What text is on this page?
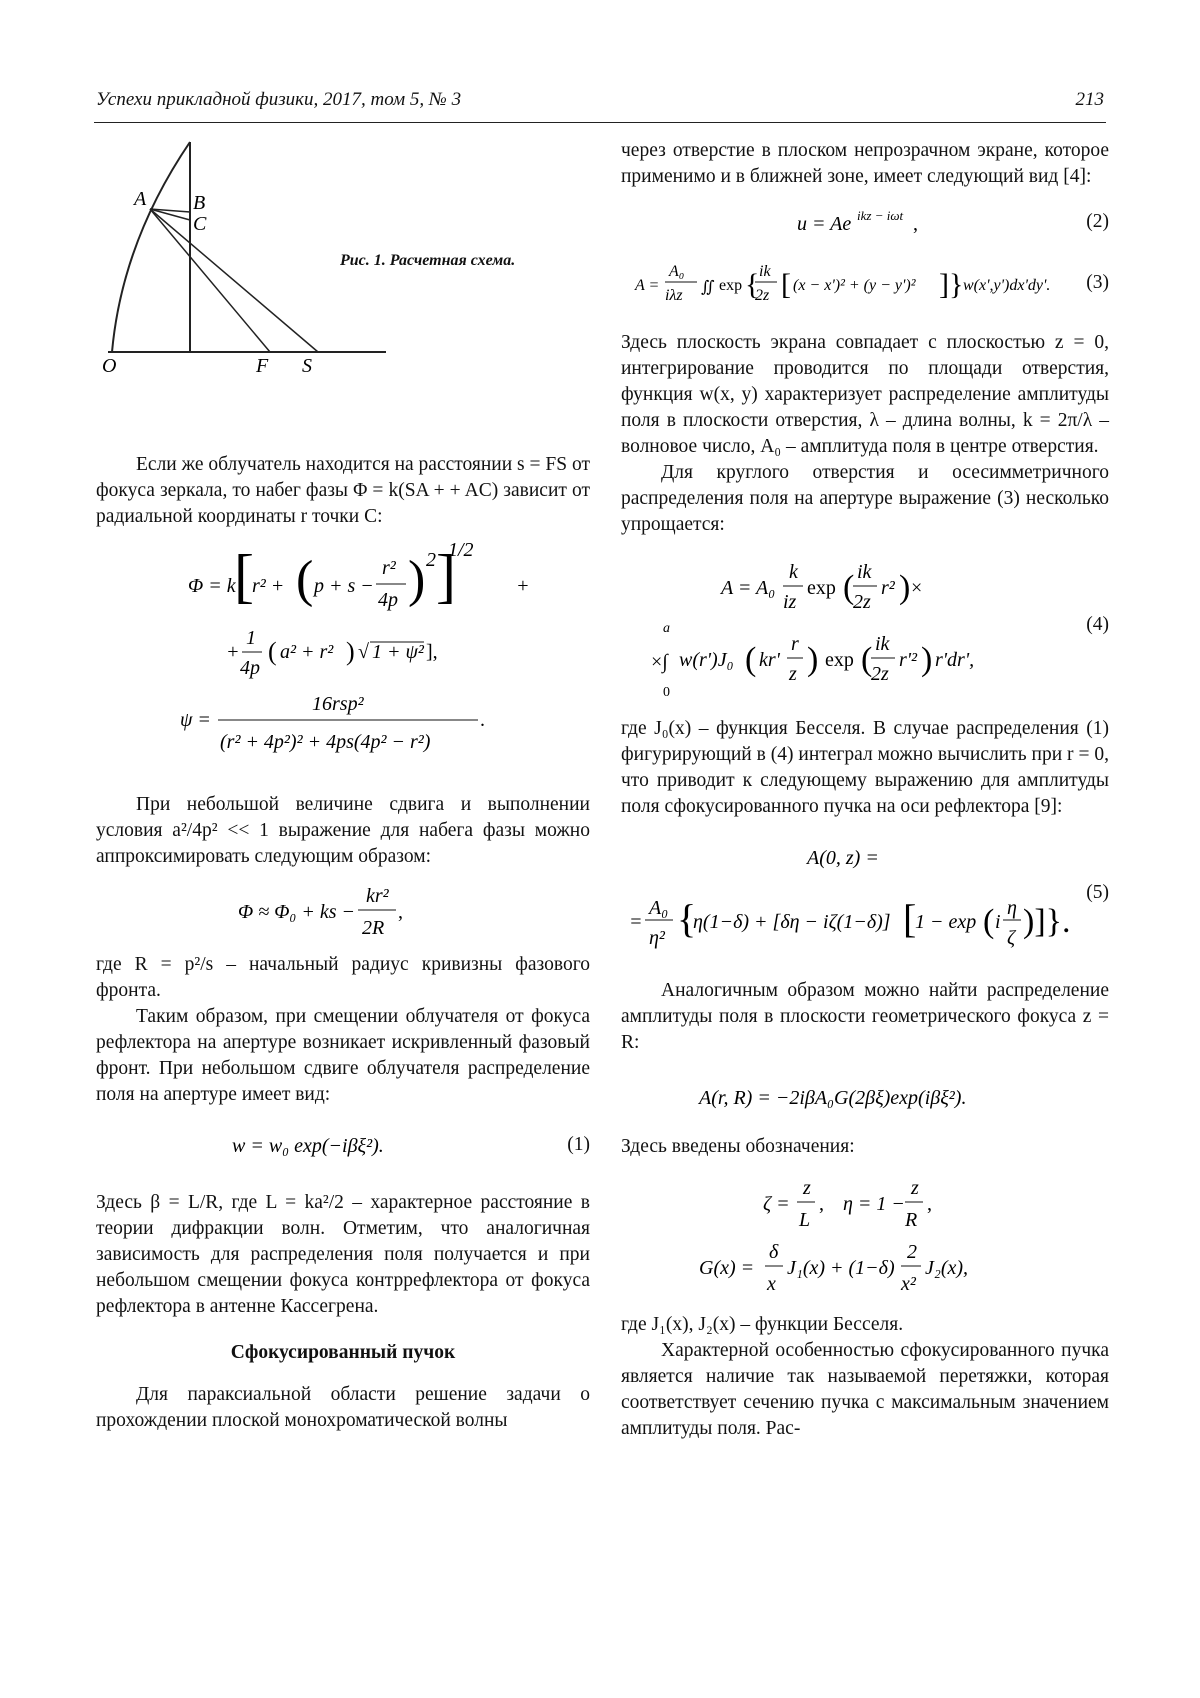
Успехи прикладной физики, 2017, том 5, № 3	213
A B
C
O	F S
Рис. 1. Расчетная схема.

Если же облучатель находится на расстоянии s = FS от фокуса зеркала, то набег фазы Φ = k(SA + + AC) зависит от радиальной координаты r точки C:

Φ = k
[
r² + ( p + s −
r²
4p ) 2 ]
1/2
+
+
1
4p
( a² + r² ) √ 1 + ψ² ],
ψ =
16rsp²
(r² + 4p²)² + 4ps(4p² − r²)
.

При небольшой величине сдвига и выполнении условия a²/4p² << 1 выражение для набега фазы можно аппроксимировать следующим образом:

Φ ≈ Φ₀ + ks −
kr²
2R
,

где R = p²/s – начальный радиус кривизны фазового фронта.

Таким образом, при смещении облучателя от фокуса рефлектора на апертуре возникает искривленный фазовый фронт. При небольшом сдвиге облучателя распределение поля на апертуре имеет вид:

w = w₀ exp(−iβξ²).	(1)

Здесь β = L/R, где L = ka²/2 – характерное расстояние в теории дифракции волн. Отметим, что аналогичная зависимость для распределения поля получается и при небольшом смещении фокуса контррефлектора от фокуса рефлектора в антенне Кассегрена.

Сфокусированный пучок

Для параксиальной области решение задачи о прохождении плоской монохроматической волны

через отверстие в плоском непрозрачном экране, которое применимо и в ближней зоне, имеет следующий вид [4]:

u = Ae ikz − iωt ,	(2)
A =
A₀
iλz ∬ exp { ik
2z [ (x − x')² + (y − y')² ]} w(x',y')dx'dy'. (3)

Здесь плоскость экрана совпадает с плоскостью z = 0, интегрирование проводится по площади отверстия, функция w(x, y) характеризует распределение амплитуды поля в плоскости отверстия, λ – длина волны, k = 2π/λ – волновое число, A₀ – амплитуда поля в центре отверстия.

Для круглого отверстия и осесимметричного распределения поля на апертуре выражение (3) несколько упрощается:

A = A₀
k
iz
exp ( ik
2z
r² ) ×
a
×∫
0
w(r')J₀ ( kr'
r
z ) exp ( ik
2z
r'² ) r'dr',
(4)

где J₀(x) – функция Бесселя. В случае распределения (1) фигурирующий в (4) интеграл можно вычислить при r = 0, что приводит к следующему выражению для амплитуды поля сфокусированного пучка на оси рефлектора [9]:

A(0, z) =
=
A₀
η² {
η(1−δ) + [δη − iζ(1−δ)] [
1 − exp ( i
η
ζ )]}.
(5)

Аналогичным образом можно найти распределение амплитуды поля в плоскости геометрического фокуса z = R:

A(r, R) = −2iβA₀G(2βξ)exp(iβξ²).

Здесь введены обозначения:

ζ =
z
L
, η = 1 −
z
R
,
G(x) =
δ
x
J₁(x) + (1−δ)
2
x²
J₂(x),

где J₁(x), J₂(x) – функции Бесселя.

Характерной особенностью сфокусированного пучка является наличие так называемой перетяжки, которая соответствует сечению пучка с максимальным значением амплитуды поля. Рас-
